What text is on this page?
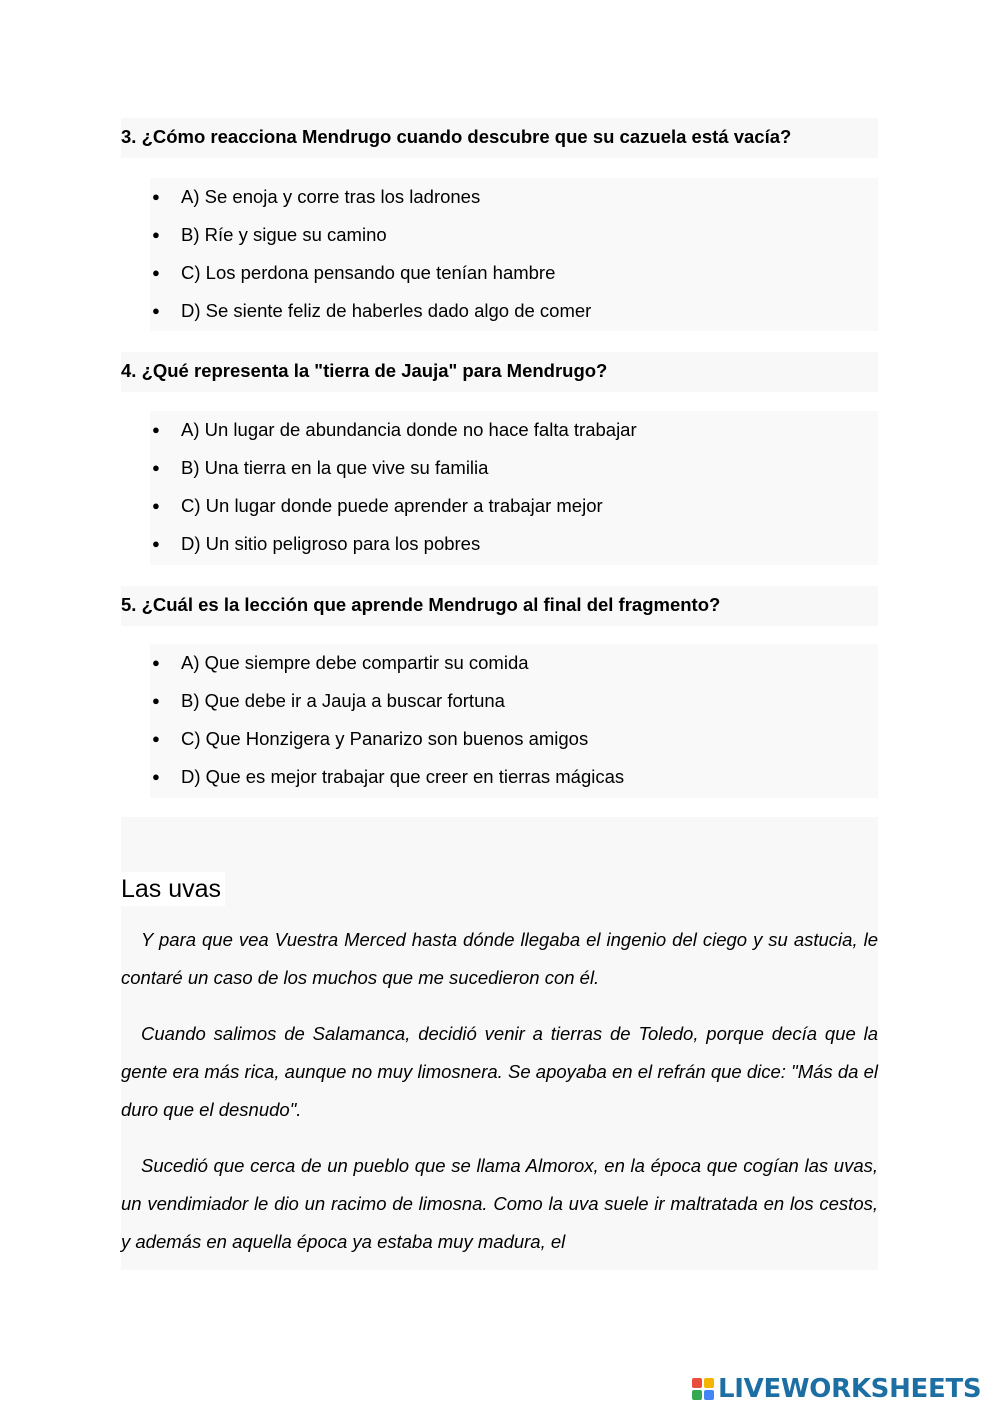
3. ¿Cómo reacciona Mendrugo cuando descubre que su cazuela está vacía?
● A) Se enoja y corre tras los ladrones
● B) Ríe y sigue su camino
● C) Los perdona pensando que tenían hambre
● D) Se siente feliz de haberles dado algo de comer
4. ¿Qué representa la "tierra de Jauja" para Mendrugo?
● A) Un lugar de abundancia donde no hace falta trabajar
● B) Una tierra en la que vive su familia
● C) Un lugar donde puede aprender a trabajar mejor
● D) Un sitio peligroso para los pobres
5. ¿Cuál es la lección que aprende Mendrugo al final del fragmento?
● A) Que siempre debe compartir su comida
● B) Que debe ir a Jauja a buscar fortuna
● C) Que Honzigera y Panarizo son buenos amigos
● D) Que es mejor trabajar que creer en tierras mágicas
Las uvas

Y para que vea Vuestra Merced hasta dónde llegaba el ingenio del ciego y su astucia, le contaré un caso de los muchos que me sucedieron con él.

Cuando salimos de Salamanca, decidió venir a tierras de Toledo, porque decía que la gente era más rica, aunque no muy limosnera. Se apoyaba en el refrán que dice: "Más da el duro que el desnudo".

Sucedió que cerca de un pueblo que se llama Almorox, en la época que cogían las uvas, un vendimiador le dio un racimo de limosna. Como la uva suele ir maltratada en los cestos, y además en aquella época ya estaba muy madura, el

LIVEWORKSHEETS
